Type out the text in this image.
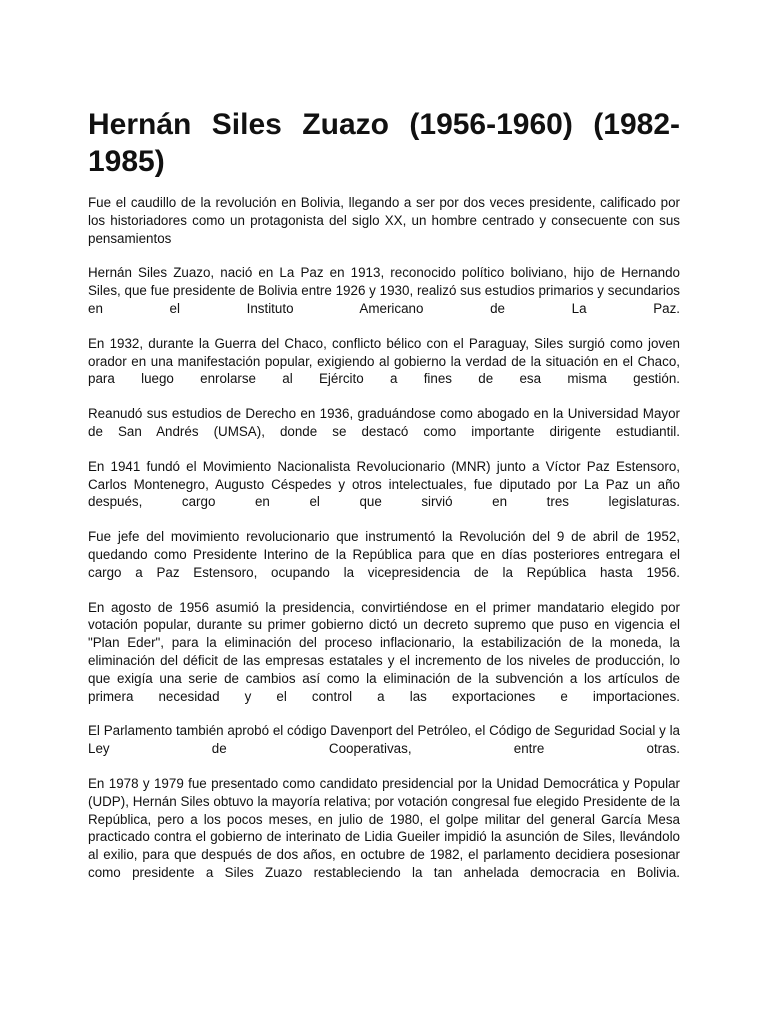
Hernán Siles Zuazo (1956-1960) (1982-1985)

Fue el caudillo de la revolución en Bolivia, llegando a ser por dos veces presidente, calificado por los historiadores como un protagonista del siglo XX, un hombre centrado y consecuente con sus pensamientos

Hernán Siles Zuazo, nació en La Paz en 1913, reconocido político boliviano, hijo de Hernando Siles, que fue presidente de Bolivia entre 1926 y 1930, realizó sus estudios primarios y secundarios en el Instituto Americano de La Paz.

En 1932, durante la Guerra del Chaco, conflicto bélico con el Paraguay, Siles surgió como joven orador en una manifestación popular, exigiendo al gobierno la verdad de la situación en el Chaco, para luego enrolarse al Ejército a fines de esa misma gestión.

Reanudó sus estudios de Derecho en 1936, graduándose como abogado en la Universidad Mayor de San Andrés (UMSA), donde se destacó como importante dirigente estudiantil.

En 1941 fundó el Movimiento Nacionalista Revolucionario (MNR) junto a Víctor Paz Estensoro, Carlos Montenegro, Augusto Céspedes y otros intelectuales, fue diputado por La Paz un año después, cargo en el que sirvió en tres legislaturas.

Fue jefe del movimiento revolucionario que instrumentó la Revolución del 9 de abril de 1952, quedando como Presidente Interino de la República para que en días posteriores entregara el cargo a Paz Estensoro, ocupando la vicepresidencia de la República hasta 1956.

En agosto de 1956 asumió la presidencia, convirtiéndose en el primer mandatario elegido por votación popular, durante su primer gobierno dictó un decreto supremo que puso en vigencia el "Plan Eder", para la eliminación del proceso inflacionario, la estabilización de la moneda, la eliminación del déficit de las empresas estatales y el incremento de los niveles de producción, lo que exigía una serie de cambios así como la eliminación de la subvención a los artículos de primera necesidad y el control a las exportaciones e importaciones.

El Parlamento también aprobó el código Davenport del Petróleo, el Código de Seguridad Social y la Ley de Cooperativas, entre otras.

En 1978 y 1979 fue presentado como candidato presidencial por la Unidad Democrática y Popular (UDP), Hernán Siles obtuvo la mayoría relativa; por votación congresal fue elegido Presidente de la República, pero a los pocos meses, en julio de 1980, el golpe militar del general García Mesa practicado contra el gobierno de interinato de Lidia Gueiler impidió la asunción de Siles, llevándolo al exilio, para que después de dos años, en octubre de 1982, el parlamento decidiera posesionar como presidente a Siles Zuazo restableciendo la tan anhelada democracia en Bolivia.
